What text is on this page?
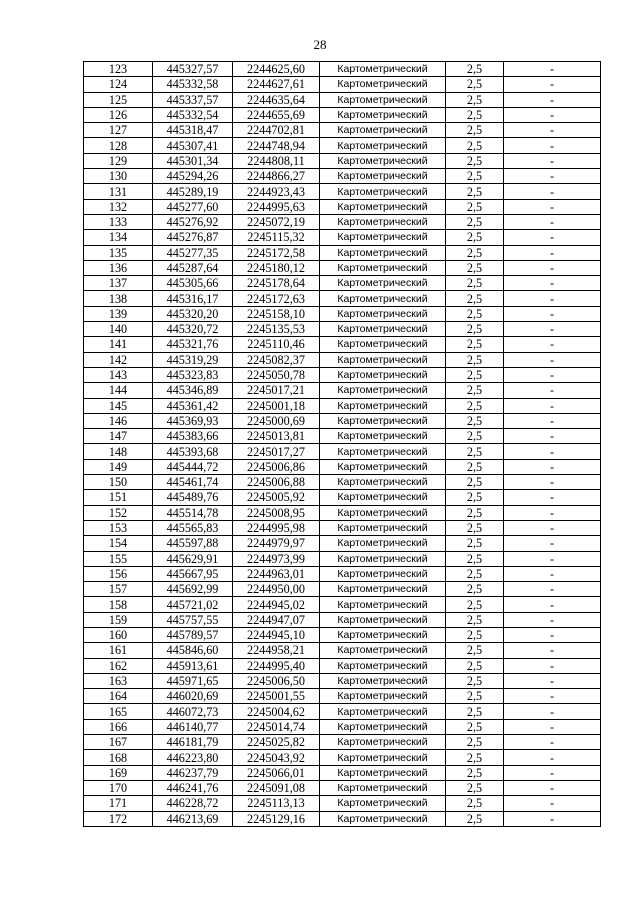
28
123	445327,57	2244625,60	Картометрический	2,5	-
124	445332,58	2244627,61	Картометрический	2,5	-
125	445337,57	2244635,64	Картометрический	2,5	-
126	445332,54	2244655,69	Картометрический	2,5	-
127	445318,47	2244702,81	Картометрический	2,5	-
128	445307,41	2244748,94	Картометрический	2,5	-
129	445301,34	2244808,11	Картометрический	2,5	-
130	445294,26	2244866,27	Картометрический	2,5	-
131	445289,19	2244923,43	Картометрический	2,5	-
132	445277,60	2244995,63	Картометрический	2,5	-
133	445276,92	2245072,19	Картометрический	2,5	-
134	445276,87	2245115,32	Картометрический	2,5	-
135	445277,35	2245172,58	Картометрический	2,5	-
136	445287,64	2245180,12	Картометрический	2,5	-
137	445305,66	2245178,64	Картометрический	2,5	-
138	445316,17	2245172,63	Картометрический	2,5	-
139	445320,20	2245158,10	Картометрический	2,5	-
140	445320,72	2245135,53	Картометрический	2,5	-
141	445321,76	2245110,46	Картометрический	2,5	-
142	445319,29	2245082,37	Картометрический	2,5	-
143	445323,83	2245050,78	Картометрический	2,5	-
144	445346,89	2245017,21	Картометрический	2,5	-
145	445361,42	2245001,18	Картометрический	2,5	-
146	445369,93	2245000,69	Картометрический	2,5	-
147	445383,66	2245013,81	Картометрический	2,5	-
148	445393,68	2245017,27	Картометрический	2,5	-
149	445444,72	2245006,86	Картометрический	2,5	-
150	445461,74	2245006,88	Картометрический	2,5	-
151	445489,76	2245005,92	Картометрический	2,5	-
152	445514,78	2245008,95	Картометрический	2,5	-
153	445565,83	2244995,98	Картометрический	2,5	-
154	445597,88	2244979,97	Картометрический	2,5	-
155	445629,91	2244973,99	Картометрический	2,5	-
156	445667,95	2244963,01	Картометрический	2,5	-
157	445692,99	2244950,00	Картометрический	2,5	-
158	445721,02	2244945,02	Картометрический	2,5	-
159	445757,55	2244947,07	Картометрический	2,5	-
160	445789,57	2244945,10	Картометрический	2,5	-
161	445846,60	2244958,21	Картометрический	2,5	-
162	445913,61	2244995,40	Картометрический	2,5	-
163	445971,65	2245006,50	Картометрический	2,5	-
164	446020,69	2245001,55	Картометрический	2,5	-
165	446072,73	2245004,62	Картометрический	2,5	-
166	446140,77	2245014,74	Картометрический	2,5	-
167	446181,79	2245025,82	Картометрический	2,5	-
168	446223,80	2245043,92	Картометрический	2,5	-
169	446237,79	2245066,01	Картометрический	2,5	-
170	446241,76	2245091,08	Картометрический	2,5	-
171	446228,72	2245113,13	Картометрический	2,5	-
172	446213,69	2245129,16	Картометрический	2,5	-
